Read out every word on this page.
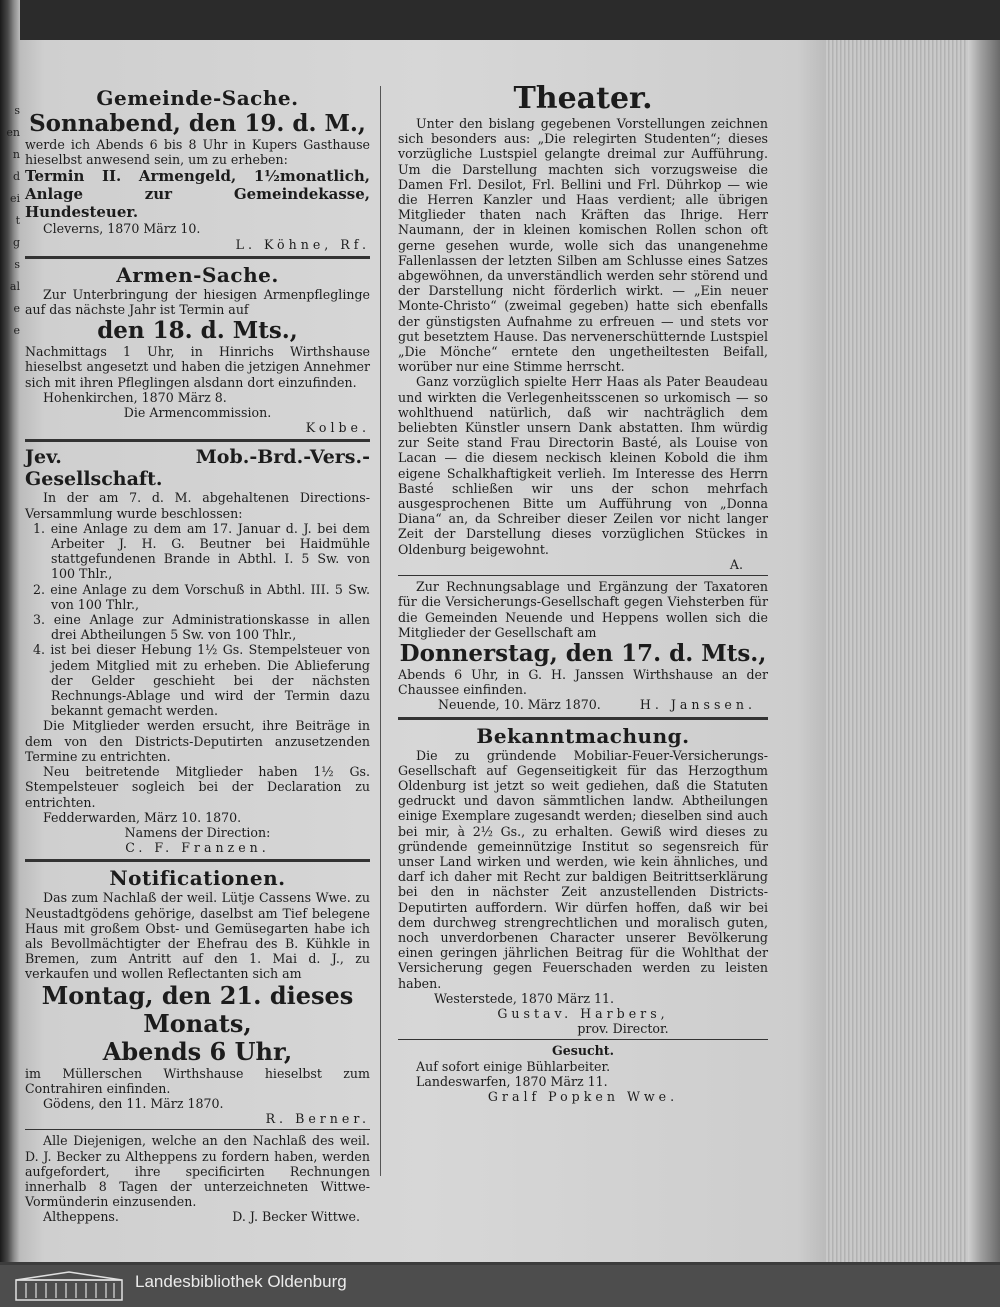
s
en
n
d
ei
t
g
s
al
e
e

Gemeinde-Sache.

Sonnabend, den 19. d. M.,

werde ich Abends 6 bis 8 Uhr in Kupers Gasthause hieselbst anwesend sein, um zu erheben:

Termin II. Armengeld, 1½monatlich, Anlage zur Gemeindekasse, Hundesteuer.

Cleverns, 1870 März 10.

L. Köhne, Rf.

Armen-Sache.

Zur Unterbringung der hiesigen Armenpfleglinge auf das nächste Jahr ist Termin auf

den 18. d. Mts.,

Nachmittags 1 Uhr, in Hinrichs Wirthshause hieselbst angesetzt und haben die jetzigen Annehmer sich mit ihren Pfleglingen alsdann dort einzufinden.

Hohenkirchen, 1870 März 8.

Die Armencommission.

Kolbe.

Jev. Mob.-Brd.-Vers.-Gesellschaft.

In der am 7. d. M. abgehaltenen Directions-Versammlung wurde beschlossen:

1. eine Anlage zu dem am 17. Januar d. J. bei dem Arbeiter J. H. G. Beutner bei Haidmühle stattgefundenen Brande in Abthl. I. 5 Sw. von 100 Thlr.,

2. eine Anlage zu dem Vorschuß in Abthl. III. 5 Sw. von 100 Thlr.,

3. eine Anlage zur Administrationskasse in allen drei Abtheilungen 5 Sw. von 100 Thlr.,

4. ist bei dieser Hebung 1½ Gs. Stempelsteuer von jedem Mitglied mit zu erheben. Die Ablieferung der Gelder geschieht bei der nächsten Rechnungs-Ablage und wird der Termin dazu bekannt gemacht werden.

Die Mitglieder werden ersucht, ihre Beiträge in dem von den Districts-Deputirten anzusetzenden Termine zu entrichten.

Neu beitretende Mitglieder haben 1½ Gs. Stempelsteuer sogleich bei der Declaration zu entrichten.

Fedderwarden, März 10. 1870.

Namens der Direction:

C. F. Franzen.

Notificationen.

Das zum Nachlaß der weil. Lütje Cassens Wwe. zu Neustadtgödens gehörige, daselbst am Tief belegene Haus mit großem Obst- und Gemüsegarten habe ich als Bevollmächtigter der Ehefrau des B. Kühkle in Bremen, zum Antritt auf den 1. Mai d. J., zu verkaufen und wollen Reflectanten sich am

Montag, den 21. dieses Monats,

Abends 6 Uhr,

im Müllerschen Wirthshause hieselbst zum Contrahiren einfinden.

Gödens, den 11. März 1870.

R. Berner.

Alle Diejenigen, welche an den Nachlaß des weil. D. J. Becker zu Altheppens zu fordern haben, werden aufgefordert, ihre specificirten Rechnungen innerhalb 8 Tagen der unterzeichneten Wittwe-Vormünderin einzusenden.

Altheppens.	D. J. Becker Wittwe.

Theater.

Unter den bislang gegebenen Vorstellungen zeichnen sich besonders aus: „Die relegirten Studenten“; dieses vorzügliche Lustspiel gelangte dreimal zur Aufführung. Um die Darstellung machten sich vorzugsweise die Damen Frl. Desilot, Frl. Bellini und Frl. Dührkop — wie die Herren Kanzler und Haas verdient; alle übrigen Mitglieder thaten nach Kräften das Ihrige. Herr Naumann, der in kleinen komischen Rollen schon oft gerne gesehen wurde, wolle sich das unangenehme Fallenlassen der letzten Silben am Schlusse eines Satzes abgewöhnen, da unverständlich werden sehr störend und der Darstellung nicht förderlich wirkt. — „Ein neuer Monte-Christo“ (zweimal gegeben) hatte sich ebenfalls der günstigsten Aufnahme zu erfreuen — und stets vor gut besetztem Hause. Das nervenerschütternde Lustspiel „Die Mönche“ erntete den ungetheiltesten Beifall, worüber nur eine Stimme herrscht.

Ganz vorzüglich spielte Herr Haas als Pater Beaudeau und wirkten die Verlegenheitsscenen so urkomisch — so wohlthuend natürlich, daß wir nachträglich dem beliebten Künstler unsern Dank abstatten. Ihm würdig zur Seite stand Frau Directorin Basté, als Louise von Lacan — die diesem neckisch kleinen Kobold die ihm eigene Schalkhaftigkeit verlieh. Im Interesse des Herrn Basté schließen wir uns der schon mehrfach ausgesprochenen Bitte um Aufführung von „Donna Diana“ an, da Schreiber dieser Zeilen vor nicht langer Zeit der Darstellung dieses vorzüglichen Stückes in Oldenburg beigewohnt.

A.

Zur Rechnungsablage und Ergänzung der Taxatoren für die Versicherungs-Gesellschaft gegen Viehsterben für die Gemeinden Neuende und Heppens wollen sich die Mitglieder der Gesellschaft am

Donnerstag, den 17. d. Mts.,

Abends 6 Uhr, in G. H. Janssen Wirthshause an der Chaussee einfinden.

Neuende, 10. März 1870.	H. Janssen.

Bekanntmachung.

Die zu gründende Mobiliar-Feuer-Versicherungs-Gesellschaft auf Gegenseitigkeit für das Herzogthum Oldenburg ist jetzt so weit gediehen, daß die Statuten gedruckt und davon sämmtlichen landw. Abtheilungen einige Exemplare zugesandt werden; dieselben sind auch bei mir, à 2½ Gs., zu erhalten. Gewiß wird dieses zu gründende gemeinnützige Institut so segensreich für unser Land wirken und werden, wie kein ähnliches, und darf ich daher mit Recht zur baldigen Beitrittserklärung bei den in nächster Zeit anzustellenden Districts-Deputirten auffordern. Wir dürfen hoffen, daß wir bei dem durchweg strengrechtlichen und moralisch guten, noch unverdorbenen Character unserer Bevölkerung einen geringen jährlichen Beitrag für die Wohlthat der Versicherung gegen Feuerschaden werden zu leisten haben.

Westerstede, 1870 März 11.

Gustav. Harbers,

prov. Director.

Gesucht.

Auf sofort einige Bühlarbeiter.

Landeswarfen, 1870 März 11.

Gralf Popken Wwe.

Landesbibliothek Oldenburg
